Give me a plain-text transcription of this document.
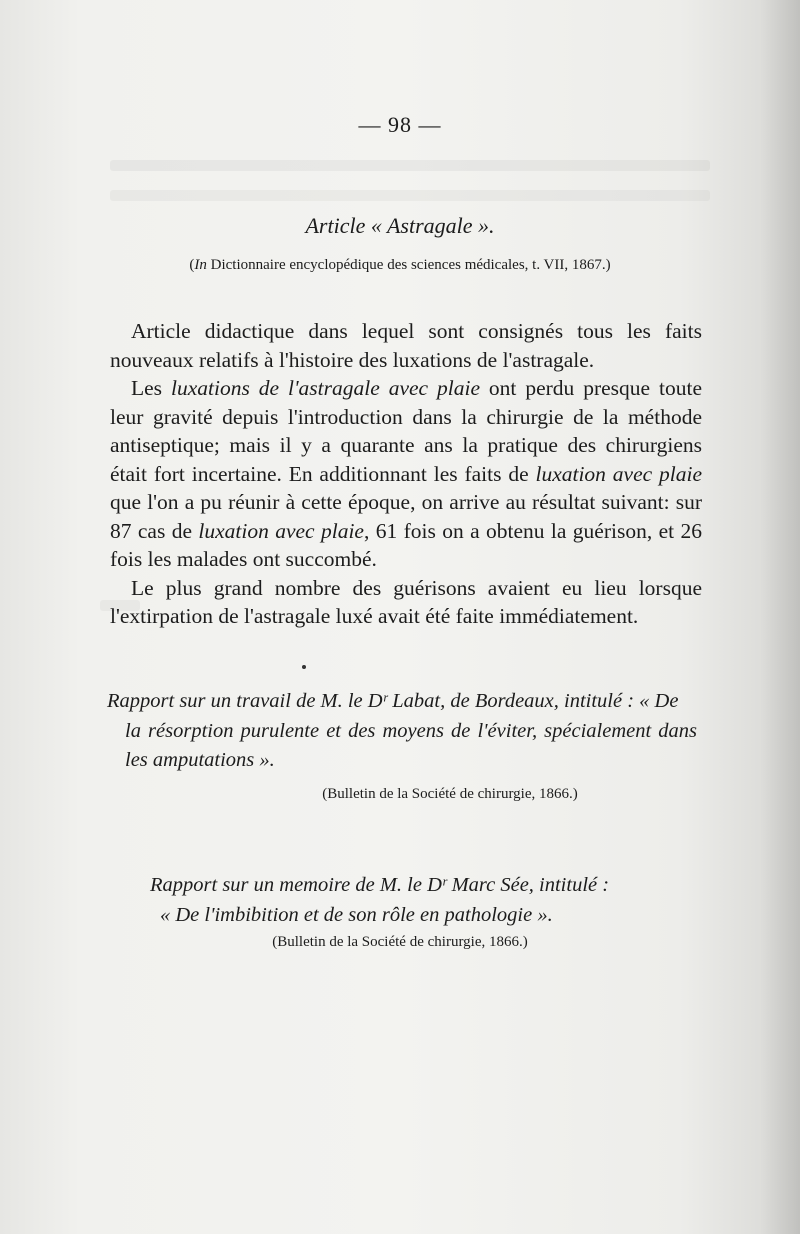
— 98 —
Article « Astragale ».
(In Dictionnaire encyclopédique des sciences médicales, t. VII, 1867.)

Article didactique dans lequel sont consignés tous les faits nouveaux relatifs à l'histoire des luxations de l'astragale.

Les luxations de l'astragale avec plaie ont perdu presque toute leur gravité depuis l'introduction dans la chirurgie de la méthode antiseptique; mais il y a quarante ans la pratique des chirurgiens était fort incertaine. En additionnant les faits de luxation avec plaie que l'on a pu réunir à cette époque, on arrive au résultat suivant: sur 87 cas de luxation avec plaie, 61 fois on a obtenu la guérison, et 26 fois les malades ont succombé.

Le plus grand nombre des guérisons avaient eu lieu lorsque l'extirpation de l'astragale luxé avait été faite immédiatement.

Rapport sur un travail de M. le Dʳ Labat, de Bordeaux, intitulé : « De
la résorption purulente et des moyens de l'éviter, spécialement dans les amputations ».
(Bulletin de la Société de chirurgie, 1866.)
Rapport sur un memoire de M. le Dʳ Marc Sée, intitulé :
« De l'imbibition et de son rôle en pathologie ».
(Bulletin de la Société de chirurgie, 1866.)
